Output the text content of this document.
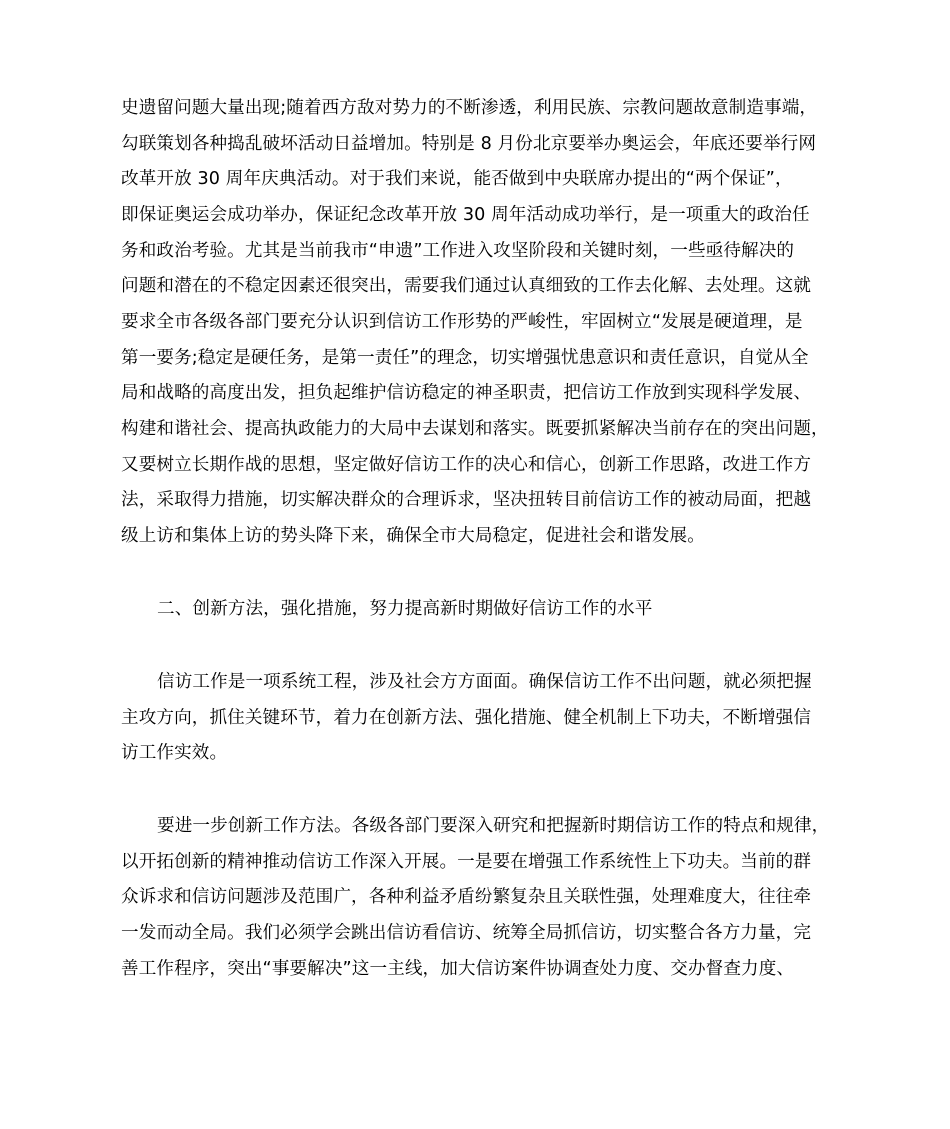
史遗留问题大量出现;随着西方敌对势力的不断渗透，利用民族、宗教问题故意制造事端，
勾联策划各种捣乱破坏活动日益增加。特别是 8 月份北京要举办奥运会，年底还要举行网
改革开放 30 周年庆典活动。对于我们来说，能否做到中央联席办提出的“两个保证”，
即保证奥运会成功举办，保证纪念改革开放 30 周年活动成功举行，是一项重大的政治任
务和政治考验。尤其是当前我市“申遗”工作进入攻坚阶段和关键时刻，一些亟待解决的
问题和潜在的不稳定因素还很突出，需要我们通过认真细致的工作去化解、去处理。这就
要求全市各级各部门要充分认识到信访工作形势的严峻性，牢固树立“发展是硬道理，是
第一要务;稳定是硬任务，是第一责任”的理念，切实增强忧患意识和责任意识，自觉从全
局和战略的高度出发，担负起维护信访稳定的神圣职责，把信访工作放到实现科学发展、
构建和谐社会、提高执政能力的大局中去谋划和落实。既要抓紧解决当前存在的突出问题，
又要树立长期作战的思想，坚定做好信访工作的决心和信心，创新工作思路，改进工作方
法，采取得力措施，切实解决群众的合理诉求，坚决扭转目前信访工作的被动局面，把越
级上访和集体上访的势头降下来，确保全市大局稳定，促进社会和谐发展。
二、创新方法，强化措施，努力提高新时期做好信访工作的水平
信访工作是一项系统工程，涉及社会方方面面。确保信访工作不出问题，就必须把握
主攻方向，抓住关键环节，着力在创新方法、强化措施、健全机制上下功夫，不断增强信
访工作实效。
要进一步创新工作方法。各级各部门要深入研究和把握新时期信访工作的特点和规律，
以开拓创新的精神推动信访工作深入开展。一是要在增强工作系统性上下功夫。当前的群
众诉求和信访问题涉及范围广，各种利益矛盾纷繁复杂且关联性强，处理难度大，往往牵
一发而动全局。我们必须学会跳出信访看信访、统筹全局抓信访，切实整合各方力量，完
善工作程序，突出“事要解决”这一主线，加大信访案件协调查处力度、交办督查力度、
